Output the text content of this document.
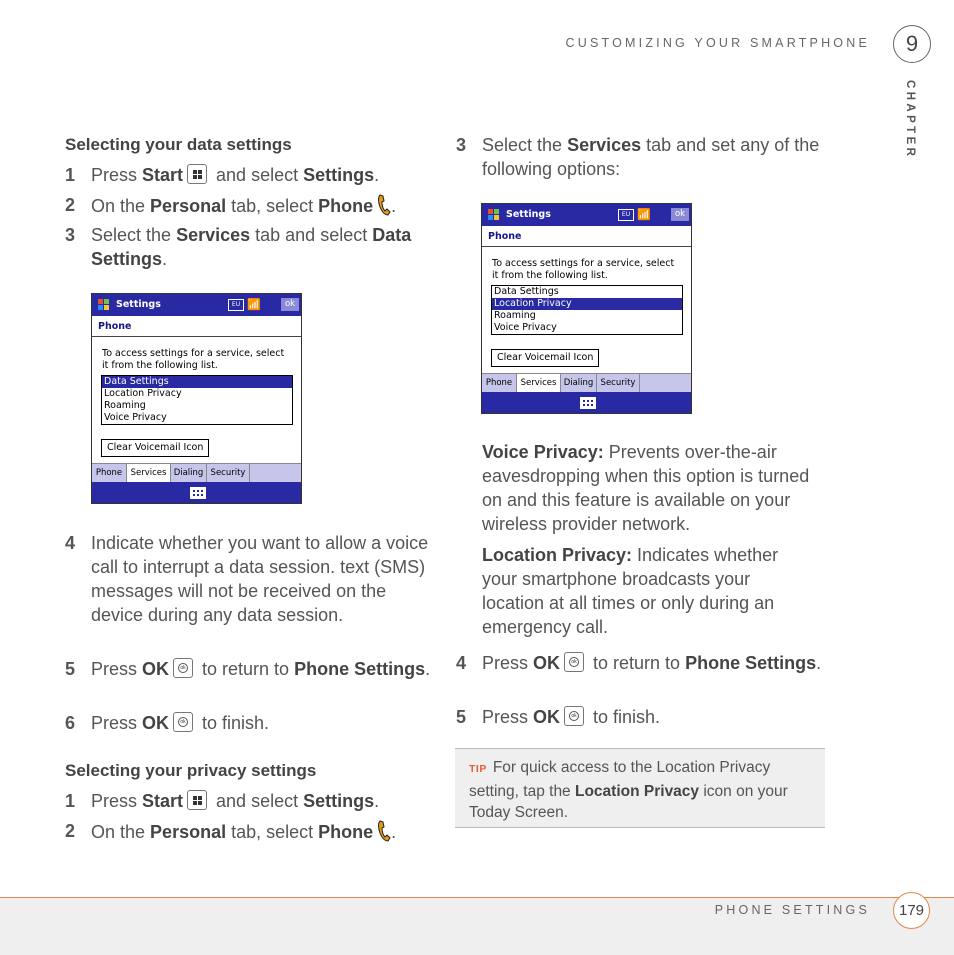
CUSTOMIZING YOUR SMARTPHONE	9
CHAPTER
Selecting your data settings
1 Press Start
and select Settings.
2 On the Personal tab, select Phone .
3 Select the Services tab and select Data Settings.
Settings	EU 📶	ok
Phone
To access settings for a service, select
it from the following list.
Data Settings
Location Privacy
Roaming
Voice Privacy
Clear Voicemail Icon
Phone Services Dialing Security
4 Indicate whether you want to allow a voice call to interrupt a data session. text (SMS) messages will not be received on the device during any data session.
5 Press OK	ok to return to Phone Settings.
6 Press OK	ok to finish.
Selecting your privacy settings
1 Press Start
and select Settings.
2 On the Personal tab, select Phone .
3 Select the Services tab and set any of the following options:
Settings	EU 📶	ok
Phone
To access settings for a service, select
it from the following list.
Data Settings
Location Privacy
Roaming
Voice Privacy
Clear Voicemail Icon
Phone Services Dialing Security
Voice Privacy: Prevents over-the-air eavesdropping when this option is turned on and this feature is available on your wireless provider network.
Location Privacy: Indicates whether your smartphone broadcasts your location at all times or only during an emergency call.
4 Press OK	ok to return to Phone Settings.
5 Press OK	ok to finish.
TIP For quick access to the Location Privacy setting, tap the Location Privacy icon on your Today Screen.
PHONE SETTINGS	179
